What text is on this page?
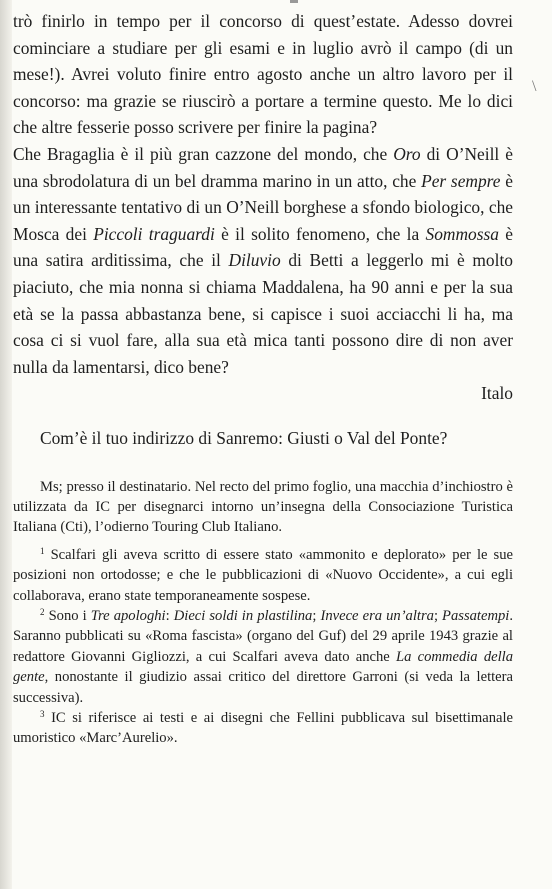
\

trò finirlo in tempo per il concorso di quest’estate. Adesso dovrei cominciare a studiare per gli esami e in luglio avrò il campo (di un mese!). Avrei voluto finire entro agosto anche un altro lavoro per il concorso: ma grazie se riuscirò a portare a termine questo. Me lo dici che altre fesserie posso scrivere per finire la pagina?

Che Bragaglia è il più gran cazzone del mondo, che Oro di O’Neill è una sbrodolatura di un bel dramma marino in un atto, che Per sempre è un interessante tentativo di un O’Neill borghese a sfondo biologico, che Mosca dei Piccoli traguardi è il solito fenomeno, che la Sommossa è una satira arditissima, che il Diluvio di Betti a leggerlo mi è molto piaciuto, che mia nonna si chiama Maddalena, ha 90 anni e per la sua età se la passa abbastanza bene, si capisce i suoi acciacchi li ha, ma cosa ci si vuol fare, alla sua età mica tanti possono dire di non aver nulla da lamentarsi, dico bene?

Italo

Com’è il tuo indirizzo di Sanremo: Giusti o Val del Ponte?

Ms; presso il destinatario. Nel recto del primo foglio, una macchia d’inchiostro è utilizzata da IC per disegnarci intorno un’insegna della Consociazione Turistica Italiana (Cti), l’odierno Touring Club Italiano.

$^1$ Scalfari gli aveva scritto di essere stato «ammonito e deplorato» per le sue posizioni non ortodosse; e che le pubblicazioni di «Nuovo Occidente», a cui egli collaborava, erano state temporaneamente sospese.

$^2$ Sono i Tre apologhi: Dieci soldi in plastilina; Invece era un’altra; Passatempi. Saranno pubblicati su «Roma fascista» (organo del Guf) del 29 aprile 1943 grazie al redattore Giovanni Gigliozzi, a cui Scalfari aveva dato anche La commedia della gente, nonostante il giudizio assai critico del direttore Garroni (si veda la lettera successiva).

$^3$ IC si riferisce ai testi e ai disegni che Fellini pubblicava sul bisettimanale umoristico «Marc’Aurelio».
